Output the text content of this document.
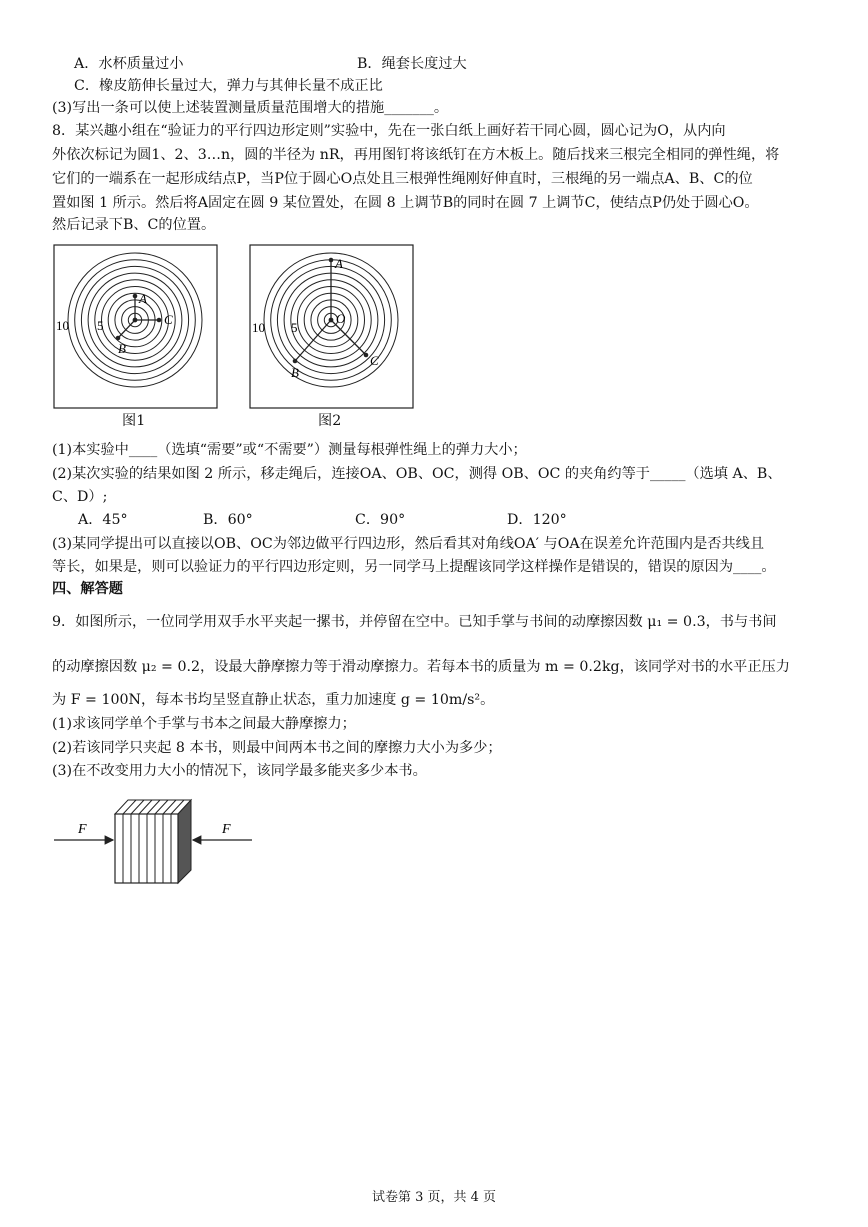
A．水杯质量过小	B．绳套长度过大
C．橡皮筋伸长量过大，弹力与其伸长量不成正比
(3)写出一条可以使上述装置测量质量范围增大的措施_______。
8．某兴趣小组在“验证力的平行四边形定则”实验中，先在一张白纸上画好若干同心圆，圆心记为O，从内向
外依次标记为圆1、2、3…n，圆的半径为 nR，再用图钉将该纸钉在方木板上。随后找来三根完全相同的弹性绳，将
它们的一端系在一起形成结点P，当P位于圆心O点处且三根弹性绳刚好伸直时，三根绳的另一端点A、B、C的位
置如图 1 所示。然后将A固定在圆 9 某位置处，在圆 8 上调节B的同时在圆 7 上调节C，使结点P仍处于圆心O。
然后记录下B、C的位置。
A
C
B
10 5
图1
A
C
B
O
10 5
图2
(1)本实验中____（选填“需要”或“不需要”）测量每根弹性绳上的弹力大小；
(2)某次实验的结果如图 2 所示，移走绳后，连接OA、OB、OC，测得 OB、OC 的夹角约等于_____（选填 A、B、
C、D）;
A．45°	B．60°	C．90°	D．120°
(3)某同学提出可以直接以OB、OC为邻边做平行四边形，然后看其对角线OA′ 与OA在误差允许范围内是否共线且
等长，如果是，则可以验证力的平行四边形定则，另一同学马上提醒该同学这样操作是错误的，错误的原因为____。
四、解答题
9．如图所示，一位同学用双手水平夹起一摞书，并停留在空中。已知手掌与书间的动摩擦因数 μ₁ = 0.3，书与书间
的动摩擦因数 μ₂ = 0.2，设最大静摩擦力等于滑动摩擦力。若每本书的质量为 m = 0.2kg，该同学对书的水平正压力
为 F = 100N，每本书均呈竖直静止状态，重力加速度 g = 10m/s²。
(1)求该同学单个手掌与书本之间最大静摩擦力；
(2)若该同学只夹起 8 本书，则最中间两本书之间的摩擦力大小为多少；
(3)在不改变用力大小的情况下，该同学最多能夹多少本书。
F	F
试卷第 3 页，共 4 页
